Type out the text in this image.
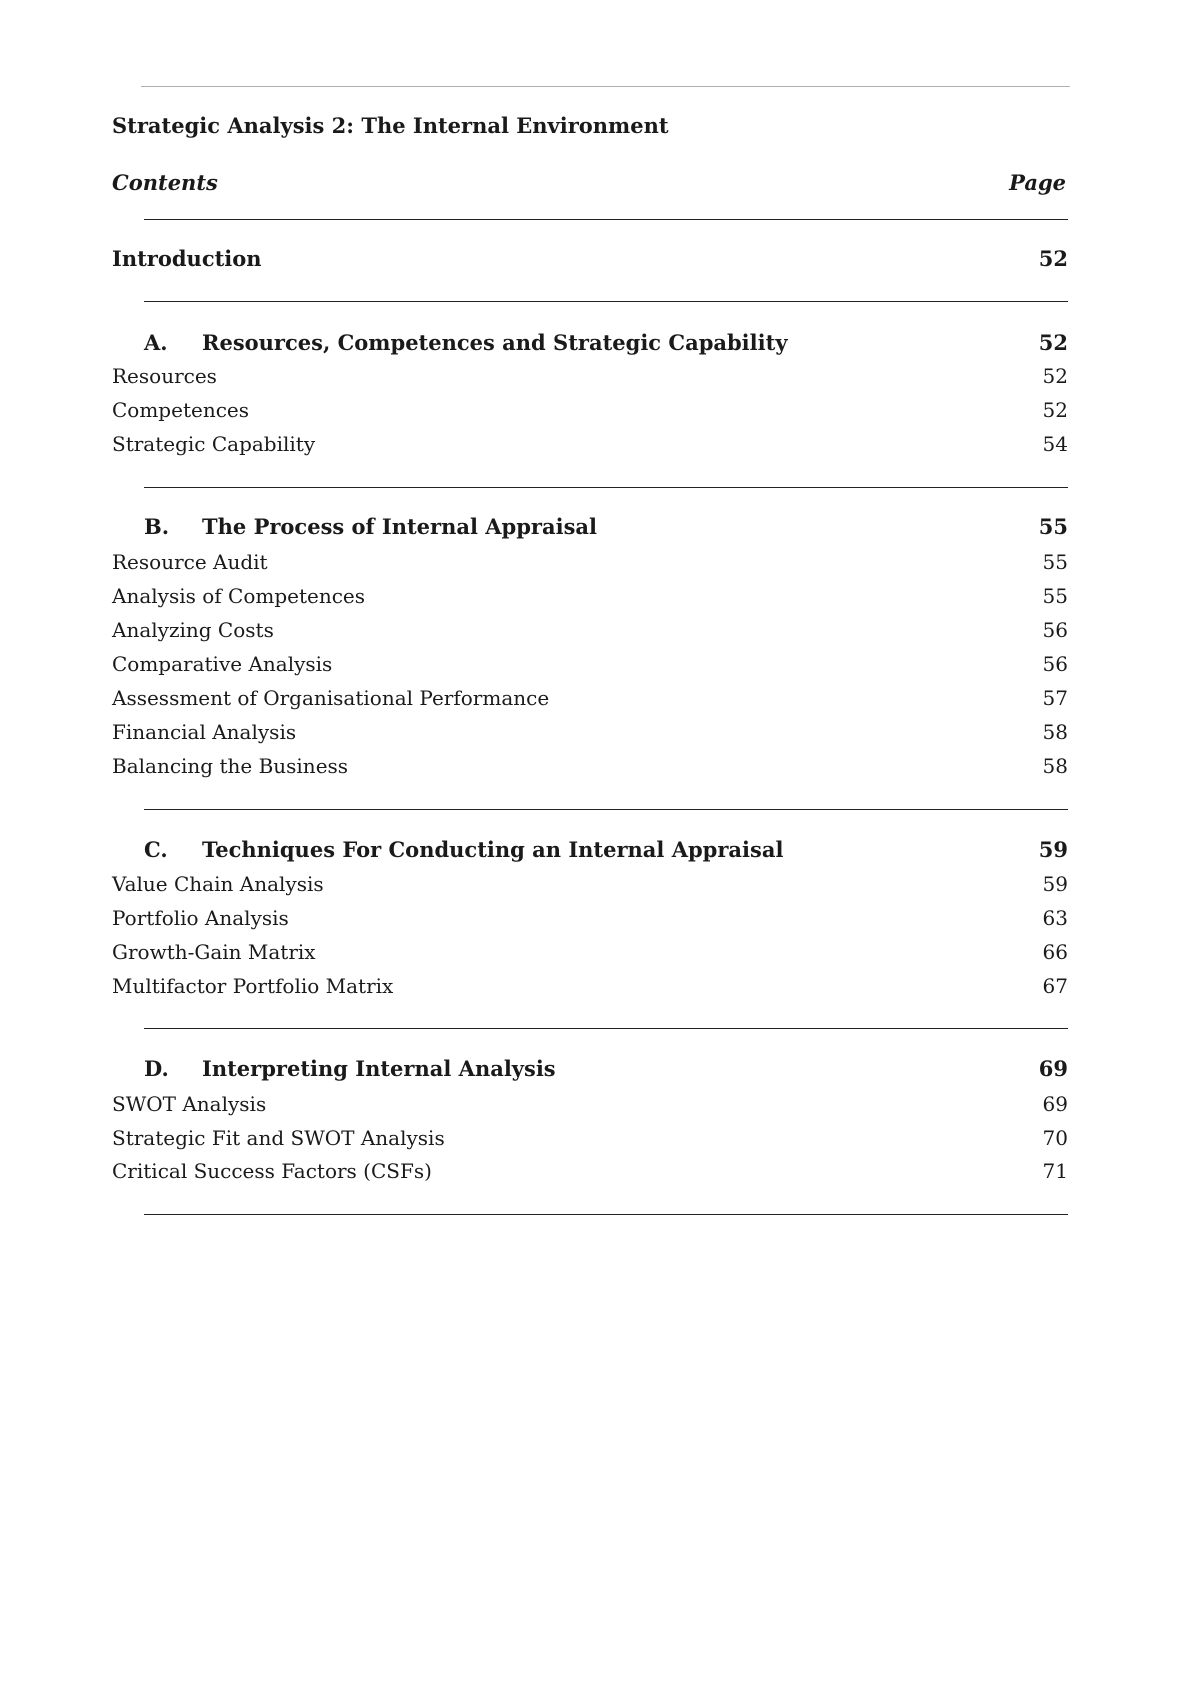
Strategic Analysis 2: The Internal Environment
Contents	Page
Introduction	52
A.	Resources, Competences and Strategic Capability	52
Resources	52
Competences	52
Strategic Capability	54
B.	The Process of Internal Appraisal	55
Resource Audit	55
Analysis of Competences	55
Analyzing Costs	56
Comparative Analysis	56
Assessment of Organisational Performance	57
Financial Analysis	58
Balancing the Business	58
C.	Techniques For Conducting an Internal Appraisal	59
Value Chain Analysis	59
Portfolio Analysis	63
Growth-Gain Matrix	66
Multifactor Portfolio Matrix	67
D.	Interpreting Internal Analysis	69
SWOT Analysis	69
Strategic Fit and SWOT Analysis	70
Critical Success Factors (CSFs)	71
